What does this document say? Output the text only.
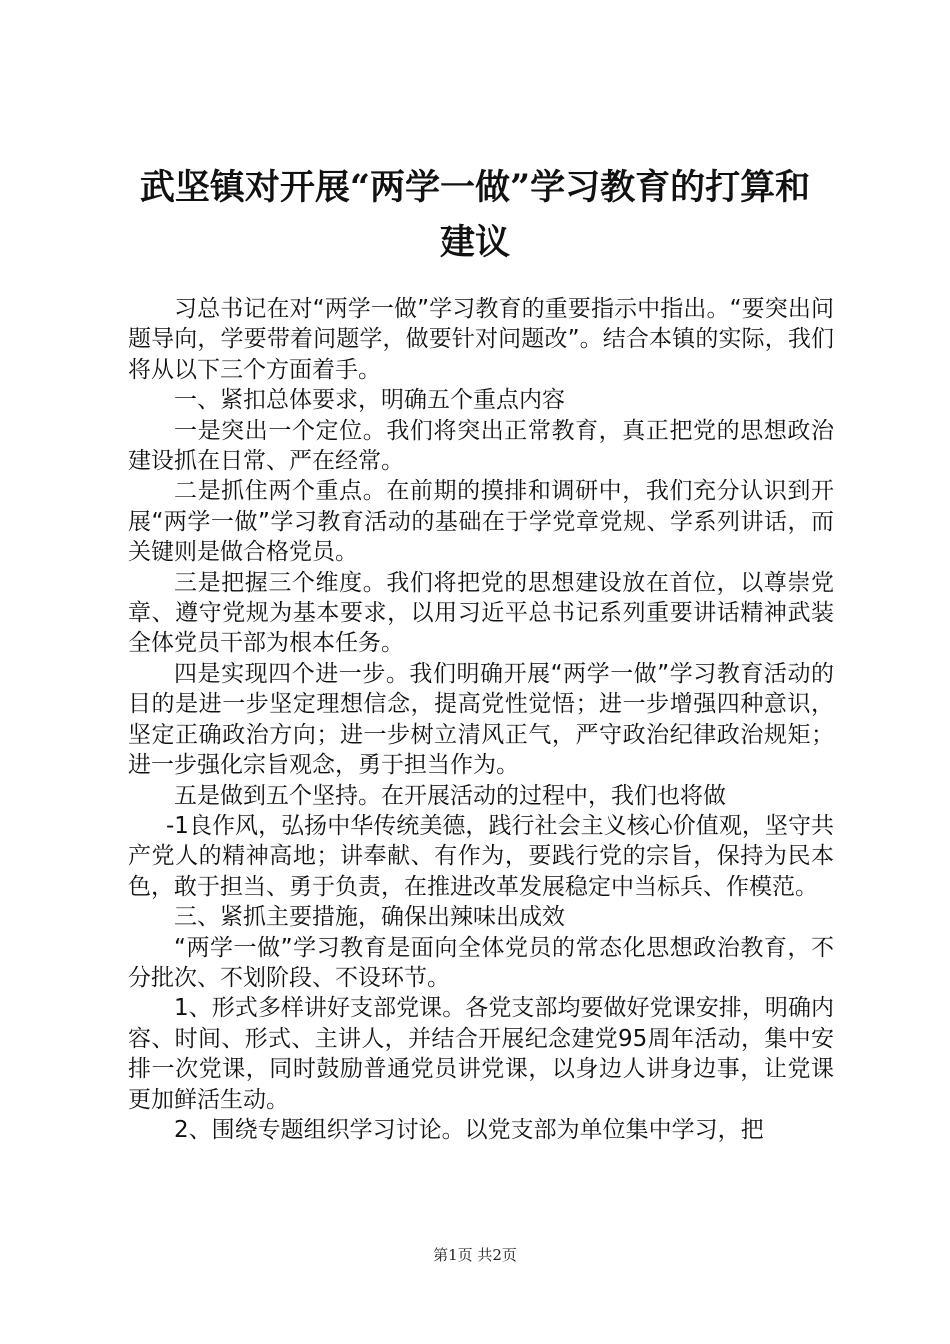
武坚镇对开展“两学一做”学习教育的打算和
建议

习总书记在对“两学一做”学习教育的重要指示中指出。“要突出问题导向，学要带着问题学，做要针对问题改”。结合本镇的实际，我们将从以下三个方面着手。

一、紧扣总体要求，明确五个重点内容

一是突出一个定位。我们将突出正常教育，真正把党的思想政治建设抓在日常、严在经常。

二是抓住两个重点。在前期的摸排和调研中，我们充分认识到开展“两学一做”学习教育活动的基础在于学党章党规、学系列讲话，而关键则是做合格党员。

三是把握三个维度。我们将把党的思想建设放在首位，以尊崇党章、遵守党规为基本要求，以用习近平总书记系列重要讲话精神武装全体党员干部为根本任务。

四是实现四个进一步。我们明确开展“两学一做”学习教育活动的目的是进一步坚定理想信念，提高党性觉悟；进一步增强四种意识，坚定正确政治方向；进一步树立清风正气，严守政治纪律政治规矩；进一步强化宗旨观念，勇于担当作为。

五是做到五个坚持。在开展活动的过程中，我们也将做

-1良作风，弘扬中华传统美德，践行社会主义核心价值观，坚守共产党人的精神高地；讲奉献、有作为，要践行党的宗旨，保持为民本色，敢于担当、勇于负责，在推进改革发展稳定中当标兵、作模范。

三、紧抓主要措施，确保出辣味出成效

“两学一做”学习教育是面向全体党员的常态化思想政治教育，不分批次、不划阶段、不设环节。

1、形式多样讲好支部党课。各党支部均要做好党课安排，明确内容、时间、形式、主讲人，并结合开展纪念建党95周年活动，集中安排一次党课，同时鼓励普通党员讲党课，以身边人讲身边事，让党课更加鲜活生动。

2、围绕专题组织学习讨论。以党支部为单位集中学习，把

第1页 共2页
